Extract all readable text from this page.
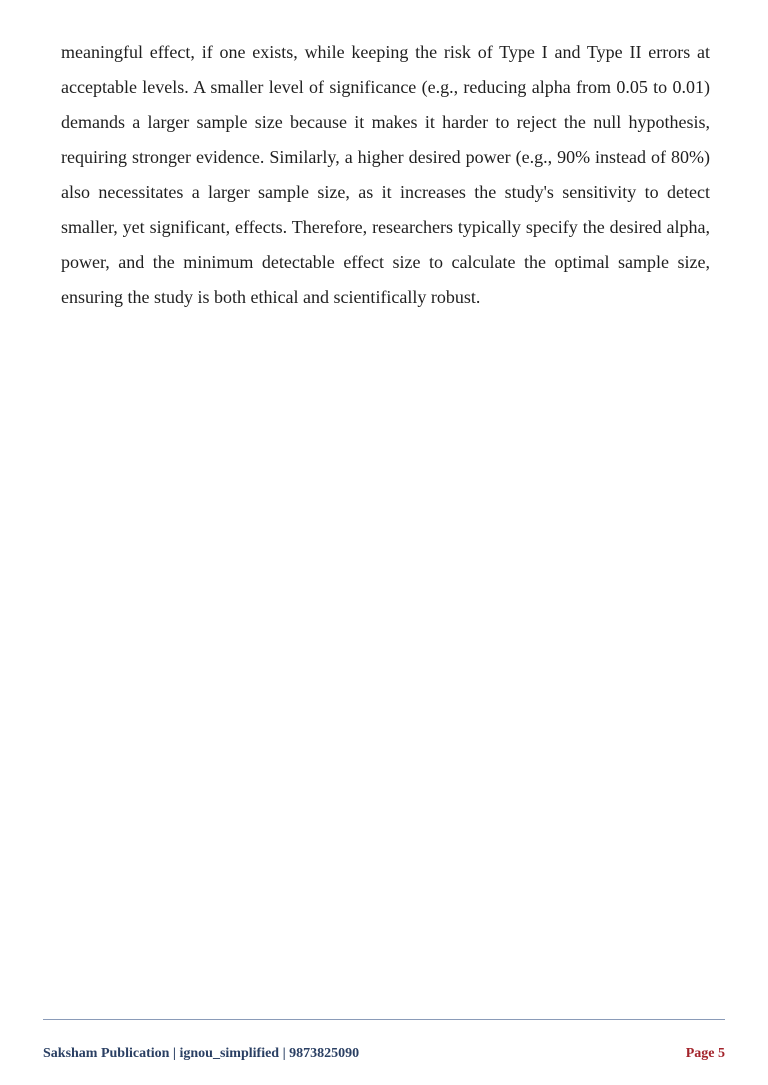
meaningful effect, if one exists, while keeping the risk of Type I and Type II errors at acceptable levels. A smaller level of significance (e.g., reducing alpha from 0.05 to 0.01) demands a larger sample size because it makes it harder to reject the null hypothesis, requiring stronger evidence. Similarly, a higher desired power (e.g., 90% instead of 80%) also necessitates a larger sample size, as it increases the study's sensitivity to detect smaller, yet significant, effects. Therefore, researchers typically specify the desired alpha, power, and the minimum detectable effect size to calculate the optimal sample size, ensuring the study is both ethical and scientifically robust.

Saksham Publication | ignou_simplified | 9873825090	Page 5
